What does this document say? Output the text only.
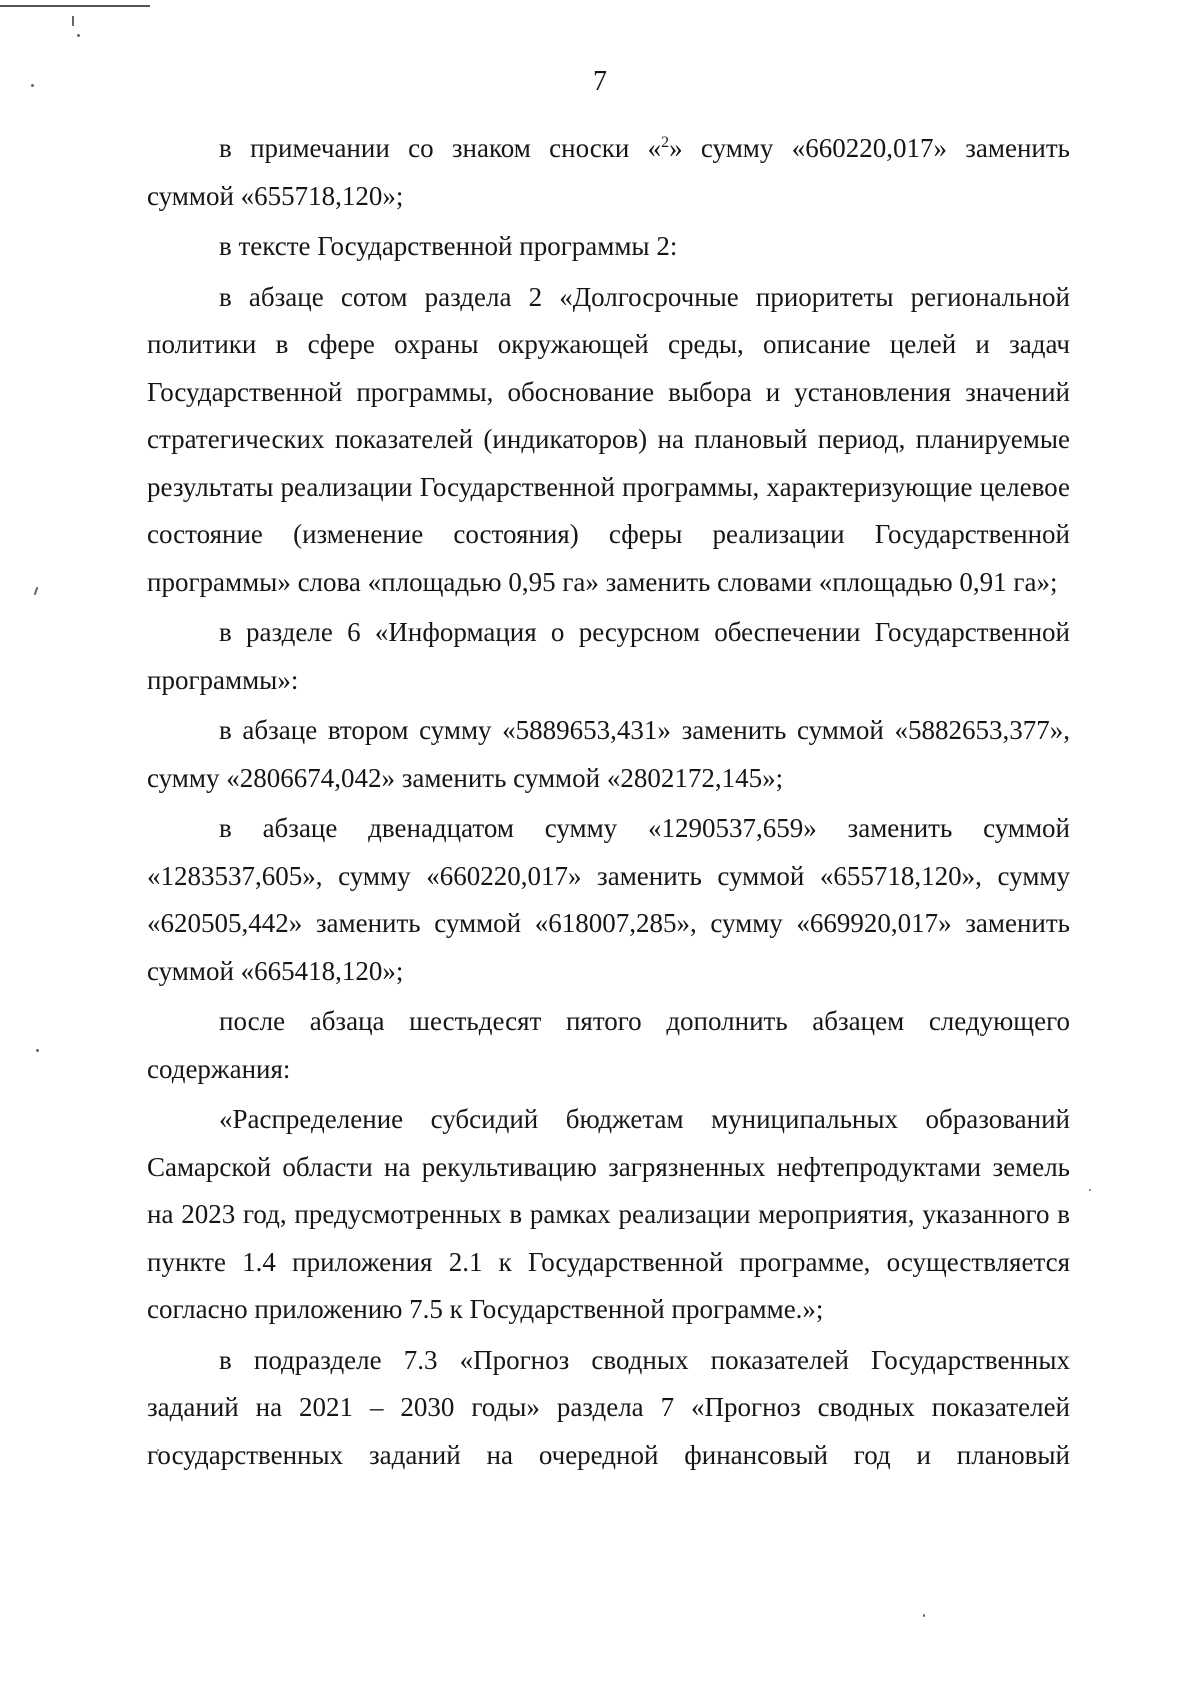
7

в примечании со знаком сноски «$^2$» сумму «660220,017» заменить суммой «655718,120»;

в тексте Государственной программы 2:

в абзаце сотом раздела 2 «Долгосрочные приоритеты региональной политики в сфере охраны окружающей среды, описание целей и задач Государственной программы, обоснование выбора и установления значений стратегических показателей (индикаторов) на плановый период, планируемые результаты реализации Государственной программы, характеризующие целевое состояние (изменение состояния) сферы реализации Государственной программы» слова «площадью 0,95 га» заменить словами «площадью 0,91 га»;

в разделе 6 «Информация о ресурсном обеспечении Государственной программы»:

в абзаце втором сумму «5889653,431» заменить суммой «5882653,377», сумму «2806674,042» заменить суммой «2802172,145»;

в абзаце двенадцатом сумму «1290537,659» заменить суммой «1283537,605», сумму «660220,017» заменить суммой «655718,120», сумму «620505,442» заменить суммой «618007,285», сумму «669920,017» заменить суммой «665418,120»;

после абзаца шестьдесят пятого дополнить абзацем следующего содержания:

«Распределение субсидий бюджетам муниципальных образований Самарской области на рекультивацию загрязненных нефтепродуктами земель на 2023 год, предусмотренных в рамках реализации мероприятия, указанного в пункте 1.4 приложения 2.1 к Государственной программе, осуществляется согласно приложению 7.5 к Государственной программе.»;

в подразделе 7.3 «Прогноз сводных показателей Государственных заданий на 2021 – 2030 годы» раздела 7 «Прогноз сводных показателей государственных заданий на очередной финансовый год и плановый
